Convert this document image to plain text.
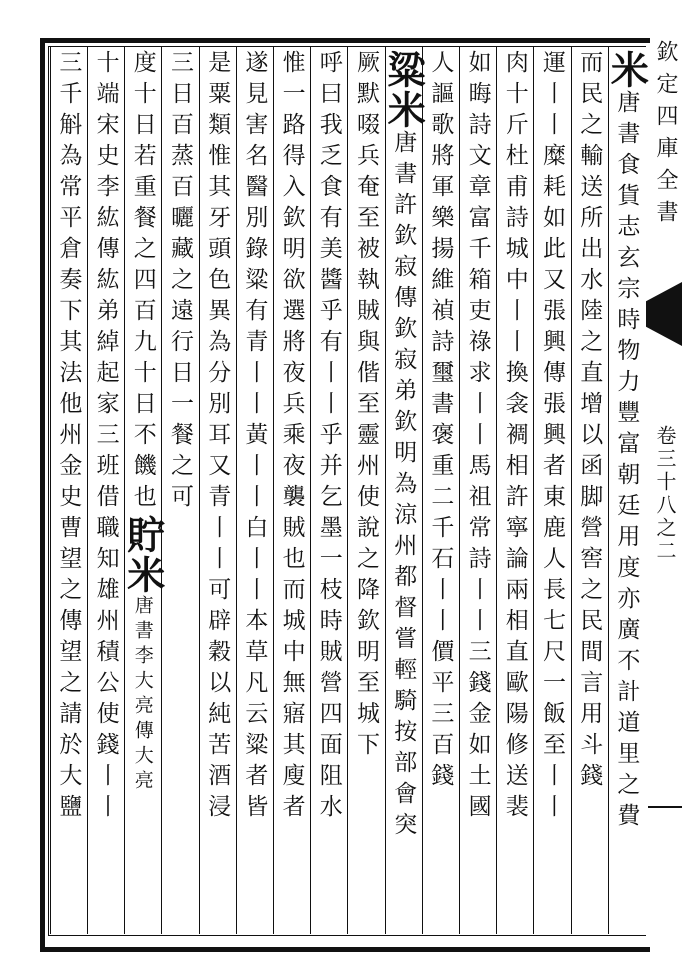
欽定四庫全書
卷三十八之二
米
唐書食貨志玄宗時物力豐富朝廷用度亦廣不計道里之費
而民之輸送所出水陸之直增以函脚營窖之民間言用斗錢
運丨丨糜耗如此又張興傳張興者東鹿人長七尺一飯至丨丨
肉十斤杜甫詩城中丨丨換衾裯相許寧論兩相直歐陽修送裴
如晦詩文章富千箱吏祿求丨丨馬祖常詩丨丨三錢金如土國
人謳歌將軍樂揚維禎詩璽書褒重二千石丨丨價平三百錢
粱米
唐書許欽寂傳欽寂弟欽明為涼州都督嘗輕騎按部會突
厥默啜兵奄至被執賊與偕至靈州使說之降欽明至城下
呼曰我乏食有美醬乎有丨丨乎并乞墨一枝時賊營四面阻水
惟一路得入欽明欲選將夜兵乘夜襲賊也而城中無寤其廋者
遂見害名醫別錄粱有青丨丨黃丨丨白丨丨本草凡云粱者皆
是粟類惟其牙頭色異為分別耳又青丨丨可辟穀以純苦酒浸
三日百蒸百曬藏之遠行日一餐之可
度十日若重餐之四百九十日不饑也
貯米
唐書李大亮傳大亮
十端宋史李紘傳紘弟綽起家三班借職知雄州積公使錢丨丨
三千斛為常平倉奏下其法他州金史曹望之傳望之請於大鹽
